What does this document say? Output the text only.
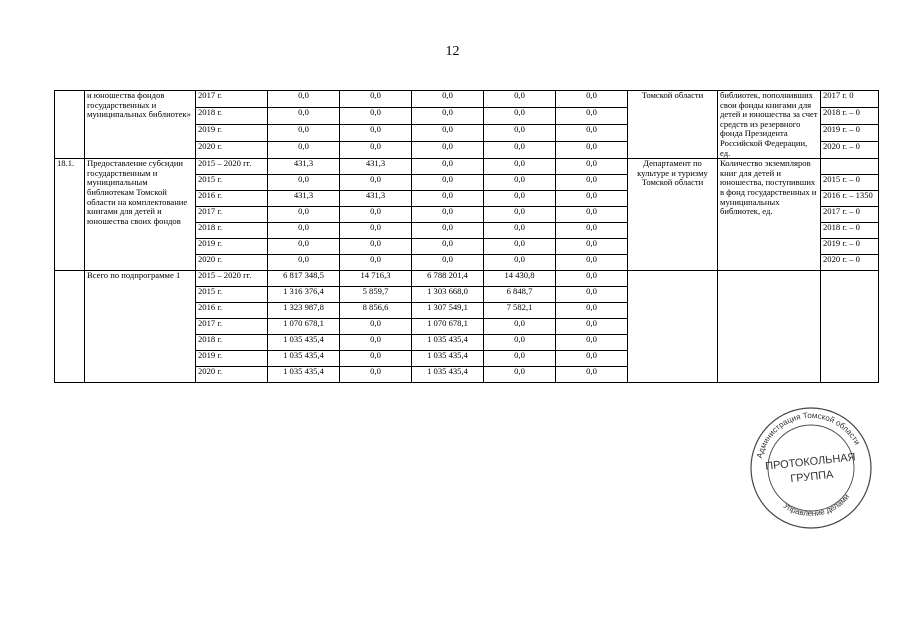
12
	и юношества фондов государственных и муниципальных библиотек»	2017 г.	0,0	0,0	0,0	0,0	0,0	Томской области	библиотек, пополнивших свои фонды книгами для детей и юношества за счет средств из резервного фонда Президента Российской Федерации, ед.	2017 г. 0
		2018 г.	0,0	0,0	0,0	0,0	0,0			2018 г. – 0
		2019 г.	0,0	0,0	0,0	0,0	0,0			2019 г. – 0
		2020 г.	0,0	0,0	0,0	0,0	0,0			2020 г. – 0
18.1.	Предоставление субсидии государственным и муниципальным библиотекам Томской области на комплектование книгами для детей и юношества своих фондов	2015 – 2020 гг.	431,3	431,3	0,0	0,0	0,0	Департамент по культуре и туризму Томской области	Количество экземпляров книг для детей и юношества, поступивших в фонд государственных и муниципальных библиотек, ед.	
		2015 г.	0,0	0,0	0,0	0,0	0,0			2015 г. – 0
		2016 г.	431,3	431,3	0,0	0,0	0,0			2016 г. – 1350
		2017 г.	0,0	0,0	0,0	0,0	0,0			2017 г. – 0
		2018 г.	0,0	0,0	0,0	0,0	0,0			2018 г. – 0
		2019 г.	0,0	0,0	0,0	0,0	0,0			2019 г. – 0
		2020 г.	0,0	0,0	0,0	0,0	0,0			2020 г. – 0
	Всего по подпрограмме 1	2015 – 2020 гг.	6 817 348,5	14 716,3	6 788 201,4	14 430,8	0,0			
		2015 г.	1 316 376,4	5 859,7	1 303 668,0	6 848,7	0,0			
		2016 г.	1 323 987,8	8 856,6	1 307 549,1	7 582,1	0,0			
		2017 г.	1 070 678,1	0,0	1 070 678,1	0,0	0,0			
		2018 г.	1 035 435,4	0,0	1 035 435,4	0,0	0,0			
		2019 г.	1 035 435,4	0,0	1 035 435,4	0,0	0,0			
		2020 г.	1 035 435,4	0,0	1 035 435,4	0,0	0,0			
Администрация Томской области
Управление делами
ПРОТОКОЛЬНАЯ
ГРУППА
